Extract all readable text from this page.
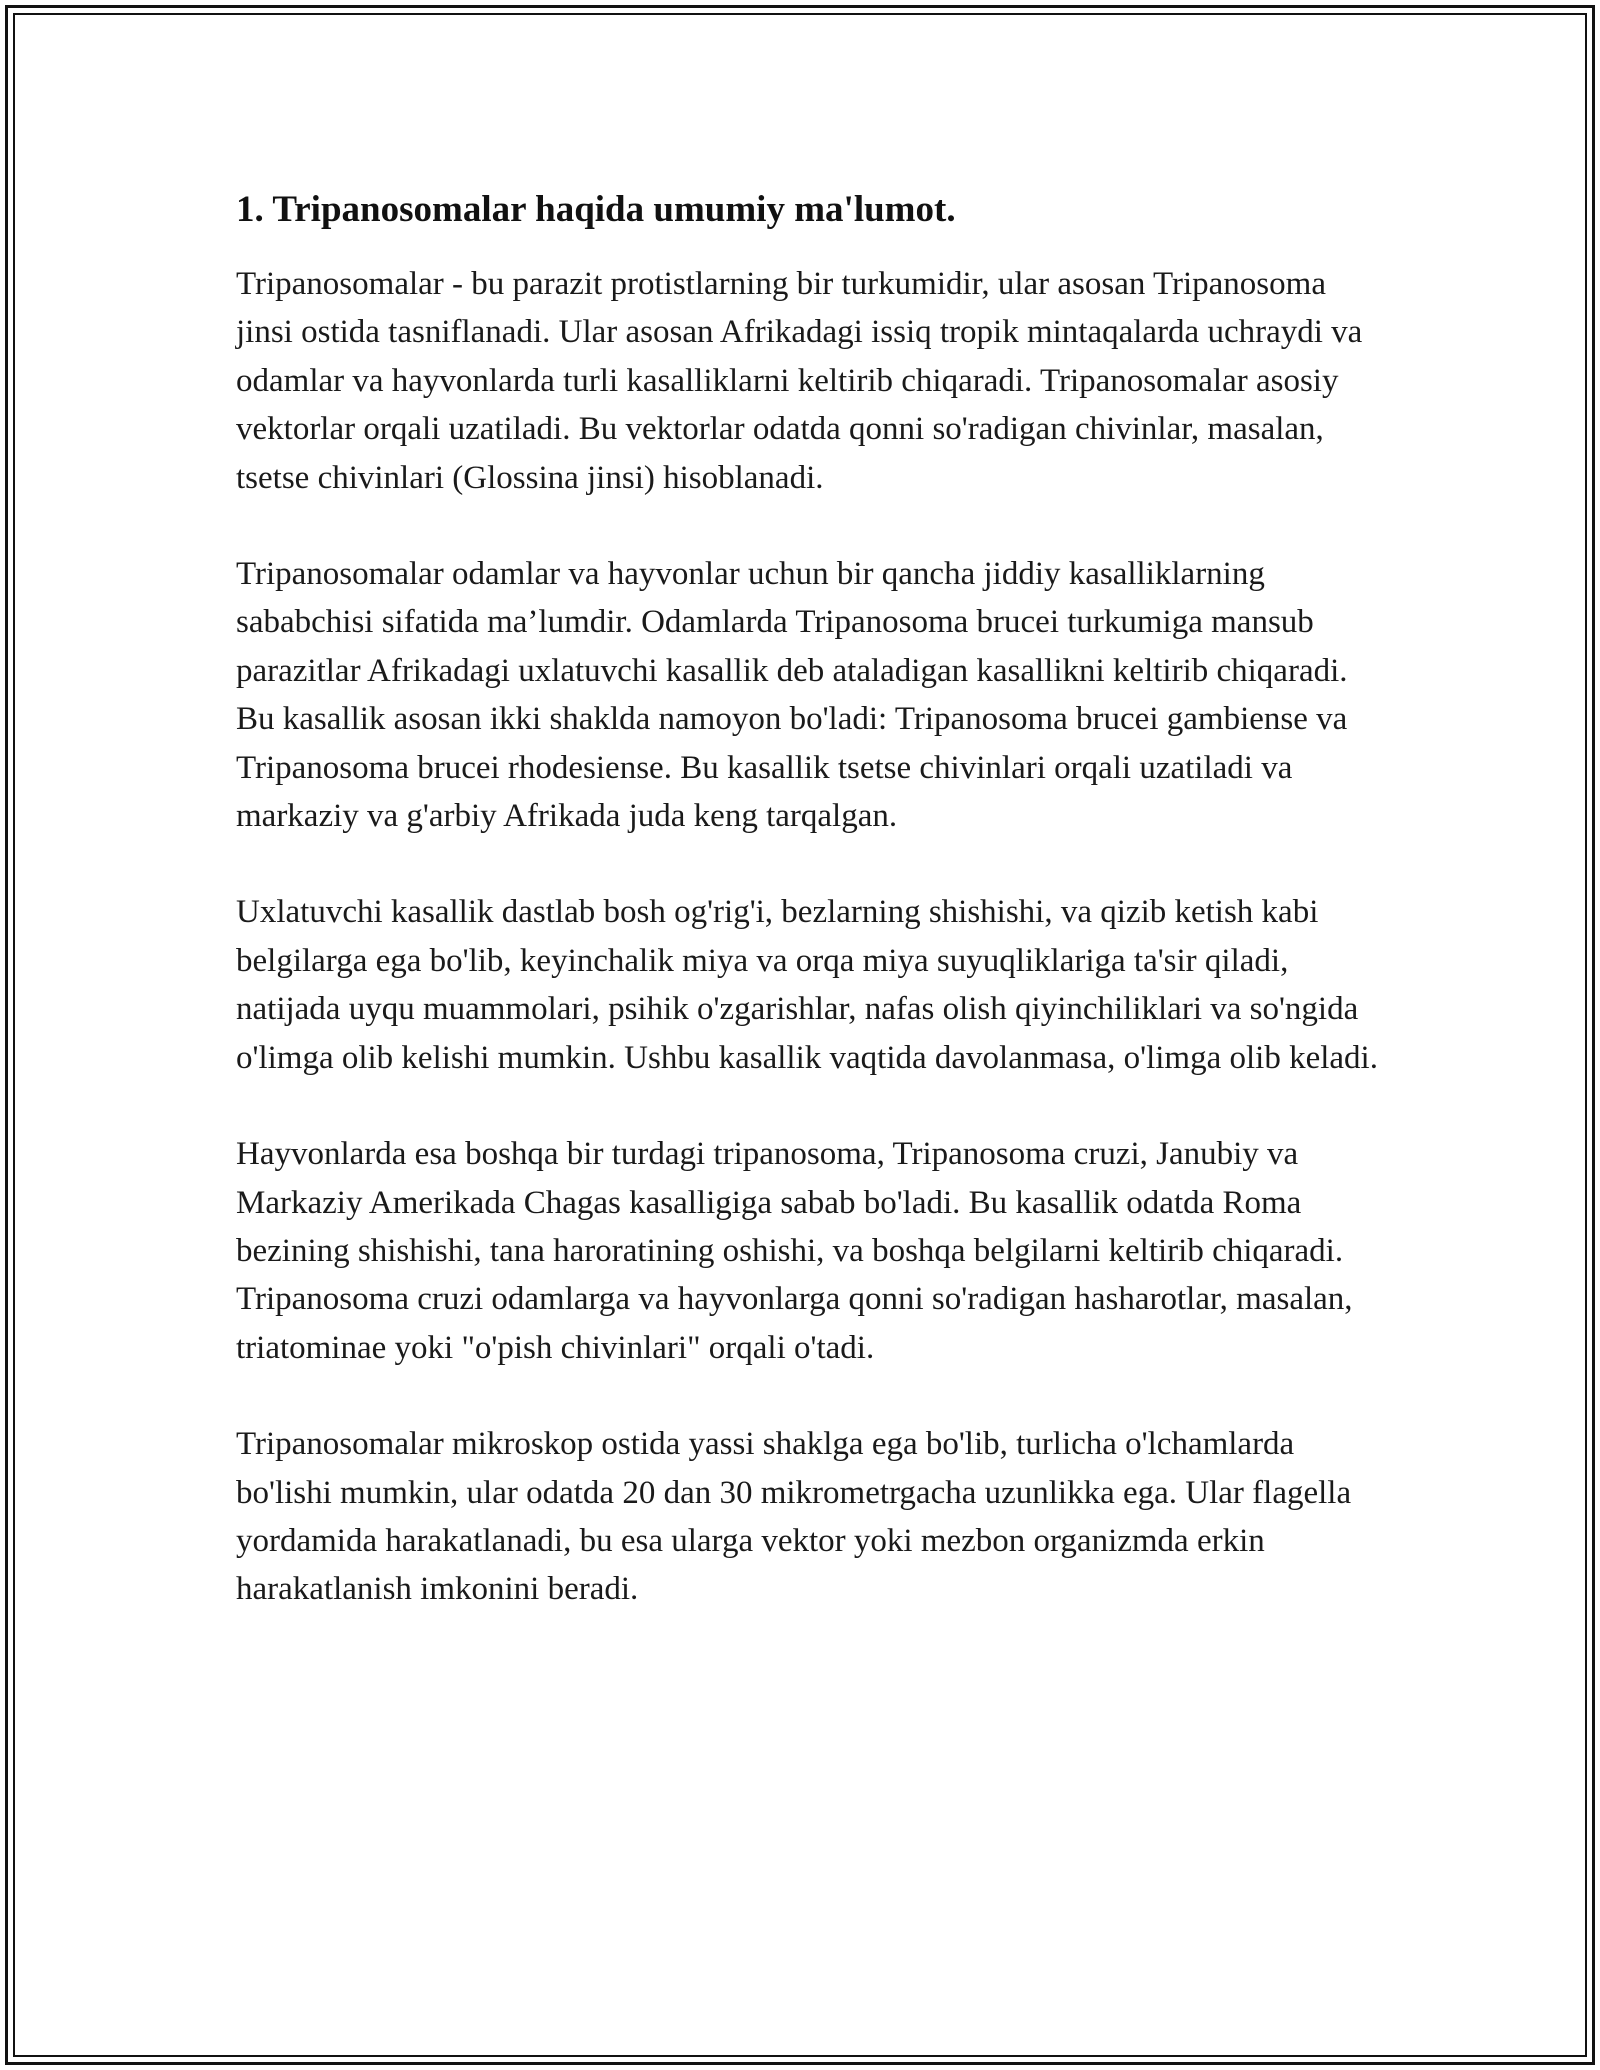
1. Tripanosomalar haqida umumiy ma'lumot.

Tripanosomalar - bu parazit protistlarning bir turkumidir, ular asosan Tripanosoma jinsi ostida tasniflanadi. Ular asosan Afrikadagi issiq tropik mintaqalarda uchraydi va odamlar va hayvonlarda turli kasalliklarni keltirib chiqaradi. Tripanosomalar asosiy vektorlar orqali uzatiladi. Bu vektorlar odatda qonni so'radigan chivinlar, masalan, tsetse chivinlari (Glossina jinsi) hisoblanadi.

Tripanosomalar odamlar va hayvonlar uchun bir qancha jiddiy kasalliklarning sababchisi sifatida ma’lumdir. Odamlarda Tripanosoma brucei turkumiga mansub parazitlar Afrikadagi uxlatuvchi kasallik deb ataladigan kasallikni keltirib chiqaradi. Bu kasallik asosan ikki shaklda namoyon bo'ladi: Tripanosoma brucei gambiense va Tripanosoma brucei rhodesiense. Bu kasallik tsetse chivinlari orqali uzatiladi va markaziy va g'arbiy Afrikada juda keng tarqalgan.

Uxlatuvchi kasallik dastlab bosh og'rig'i, bezlarning shishishi, va qizib ketish kabi belgilarga ega bo'lib, keyinchalik miya va orqa miya suyuqliklariga ta'sir qiladi, natijada uyqu muammolari, psihik o'zgarishlar, nafas olish qiyinchiliklari va so'ngida o'limga olib kelishi mumkin. Ushbu kasallik vaqtida davolanmasa, o'limga olib keladi.

Hayvonlarda esa boshqa bir turdagi tripanosoma, Tripanosoma cruzi, Janubiy va Markaziy Amerikada Chagas kasalligiga sabab bo'ladi. Bu kasallik odatda Roma bezining shishishi, tana haroratining oshishi, va boshqa belgilarni keltirib chiqaradi. Tripanosoma cruzi odamlarga va hayvonlarga qonni so'radigan hasharotlar, masalan, triatominae yoki "o'pish chivinlari" orqali o'tadi.

Tripanosomalar mikroskop ostida yassi shaklga ega bo'lib, turlicha o'lchamlarda bo'lishi mumkin, ular odatda 20 dan 30 mikrometrgacha uzunlikka ega. Ular flagella yordamida harakatlanadi, bu esa ularga vektor yoki mezbon organizmda erkin harakatlanish imkonini beradi.
